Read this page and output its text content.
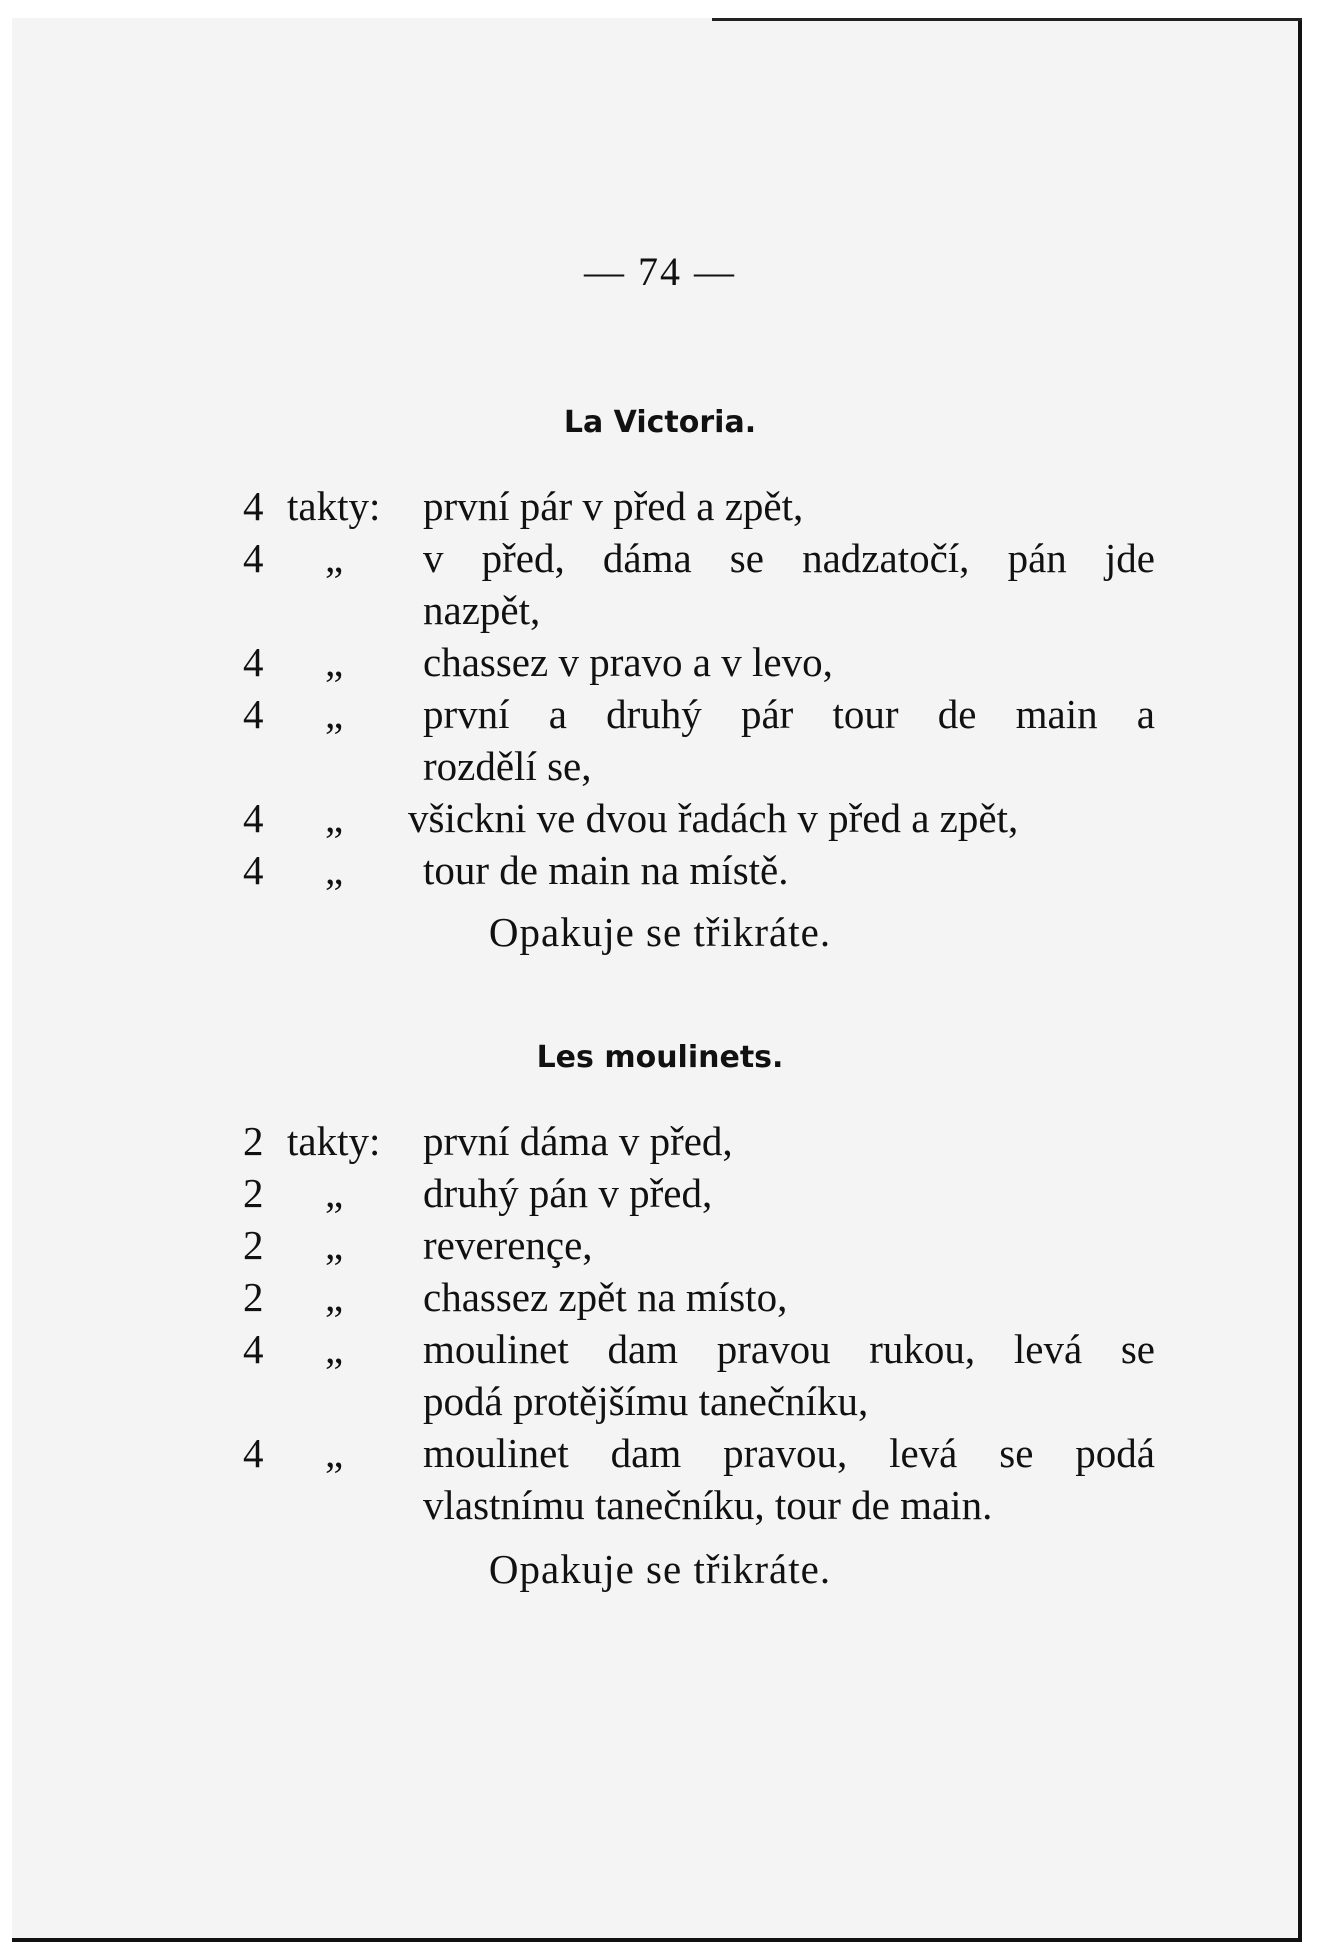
— 74 —
La Victoria.
4 takty: první pár v před a zpět,
4	„ v před, dáma se nadzatočí, pán jde
nazpět,
4	„ chassez v pravo a v levo,
4	„ první a druhý pár tour de main a
rozdělí se,
4	„ všickni ve dvou řadách v před a zpět,
4	„ tour de main na místě.
Opakuje se třikráte.
Les moulinets.
2 takty: první dáma v před,
2	„ druhý pán v před,
2	„ reverençe,
2	„ chassez zpět na místo,
4	„ moulinet dam pravou rukou, levá se
podá protějšímu tanečníku,
4	„ moulinet dam pravou, levá se podá
vlastnímu tanečníku, tour de main.
Opakuje se třikráte.
